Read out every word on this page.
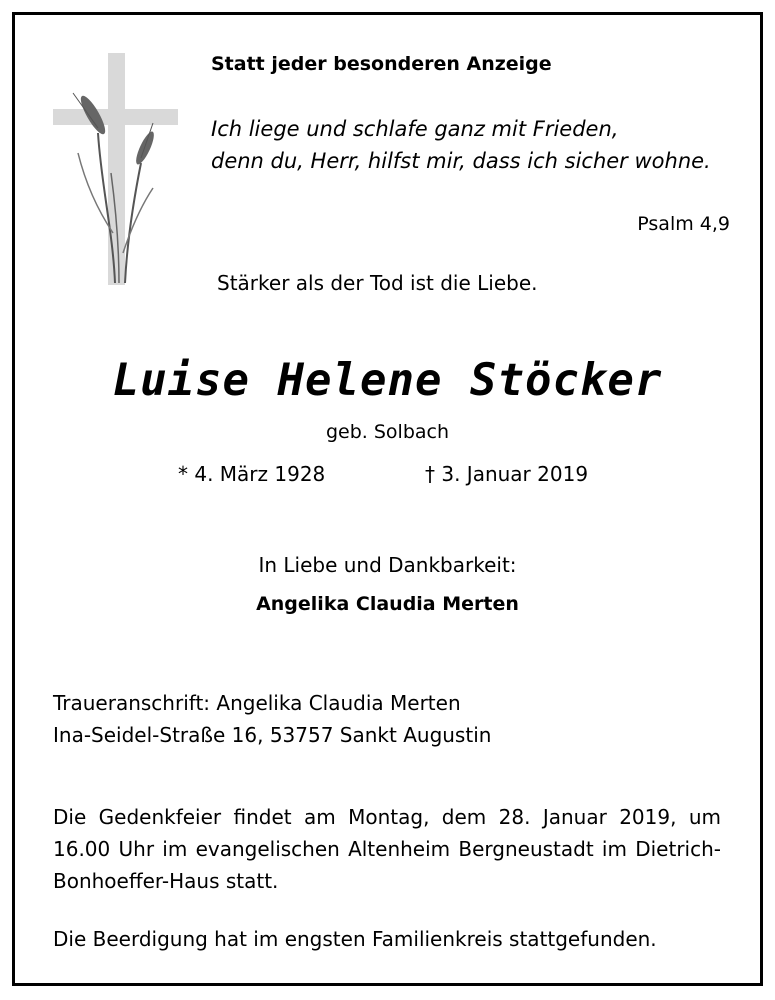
Statt jeder besonderen Anzeige
Ich liege und schlafe ganz mit Frieden,
denn du, Herr, hilfst mir, dass ich sicher wohne.
Psalm 4,9
Stärker als der Tod ist die Liebe.
Luise Helene Stöcker
geb. Solbach
* 4. März 1928	† 3. Januar 2019
In Liebe und Dankbarkeit:
Angelika Claudia Merten
Traueranschrift: Angelika Claudia Merten
Ina-Seidel-Straße 16, 53757 Sankt Augustin
Die Gedenkfeier findet am Montag, dem 28. Januar 2019, um 16.00 Uhr im evangelischen Altenheim Bergneustadt im Dietrich-Bonhoeffer-Haus statt.
Die Beerdigung hat im engsten Familienkreis stattgefunden.
